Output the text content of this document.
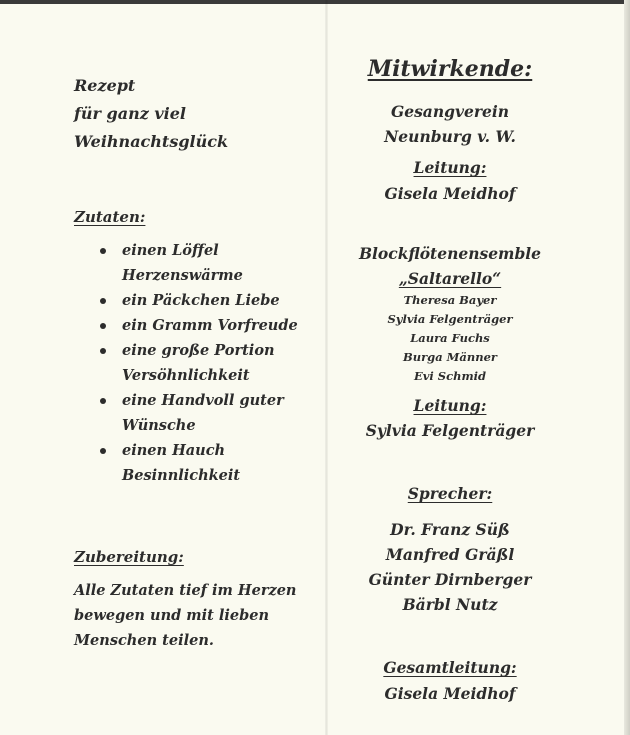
Rezept
für ganz viel
Weihnachtsglück
Zutaten:
einen Löffel
Herzenswärme
ein Päckchen Liebe
ein Gramm Vorfreude
eine große Portion
Versöhnlichkeit
eine Handvoll guter
Wünsche
einen Hauch
Besinnlichkeit
Zubereitung:
Alle Zutaten tief im Herzen
bewegen und mit lieben
Menschen teilen.
Mitwirkende:
Gesangverein
Neunburg v. W.
Leitung:
Gisela Meidhof
Blockflötenensemble
„Saltarello“
Theresa Bayer
Sylvia Felgenträger
Laura Fuchs
Burga Männer
Evi Schmid
Leitung:
Sylvia Felgenträger
Sprecher:
Dr. Franz Süß
Manfred Gräßl
Günter Dirnberger
Bärbl Nutz
Gesamtleitung:
Gisela Meidhof
